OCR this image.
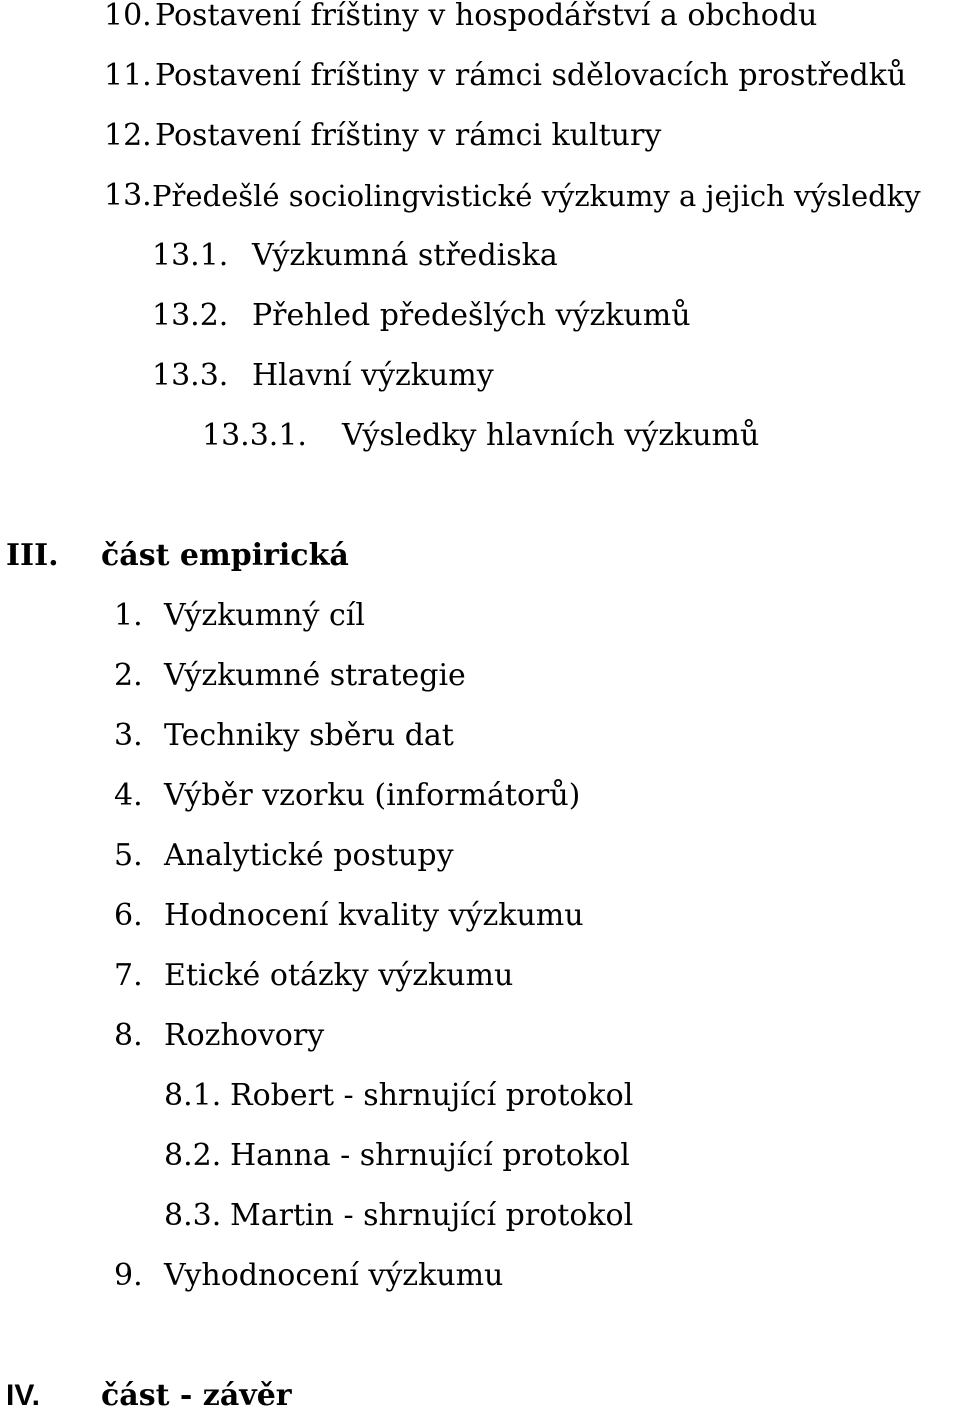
10. Postavení fríštiny v hospodářství a obchodu
11. Postavení fríštiny v rámci sdělovacích prostředků
12. Postavení fríštiny v rámci kultury
13. Předešlé sociolingvistické výzkumy a jejich výsledky
13.1. Výzkumná střediska
13.2. Přehled předešlých výzkumů
13.3. Hlavní výzkumy
13.3.1. Výsledky hlavních výzkumů
III. část empirická
1. Výzkumný cíl
2. Výzkumné strategie
3. Techniky sběru dat
4. Výběr vzorku (informátorů)
5. Analytické postupy
6. Hodnocení kvality výzkumu
7. Etické otázky výzkumu
8. Rozhovory
8.1. Robert - shrnující protokol
8.2. Hanna - shrnující protokol
8.3. Martin - shrnující protokol
9. Vyhodnocení výzkumu
IV. část - závěr
